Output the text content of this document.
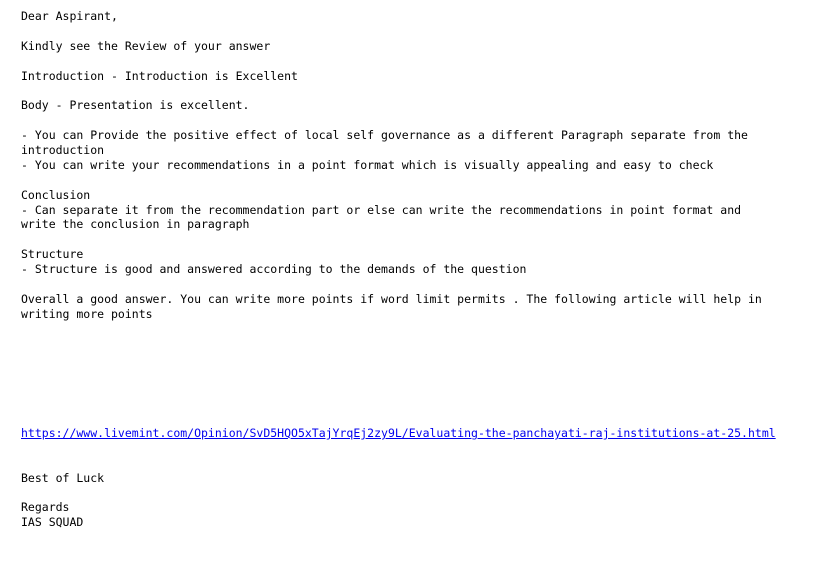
Dear Aspirant,

Kindly see the Review of your answer

Introduction - Introduction is Excellent

Body - Presentation is excellent.

- You can Provide the positive effect of local self governance as a different Paragraph separate from the
introduction
- You can write your recommendations in a point format which is visually appealing and easy to check

Conclusion
- Can separate it from the recommendation part or else can write the recommendations in point format and
write the conclusion in paragraph

Structure
- Structure is good and answered according to the demands of the question

Overall a good answer. You can write more points if word limit permits . The following article will help in
writing more points

https://www.livemint.com/Opinion/SvD5HQO5xTajYrqEj2zy9L/Evaluating-the-panchayati-raj-institutions-at-25.html

Best of Luck

Regards
IAS SQUAD
